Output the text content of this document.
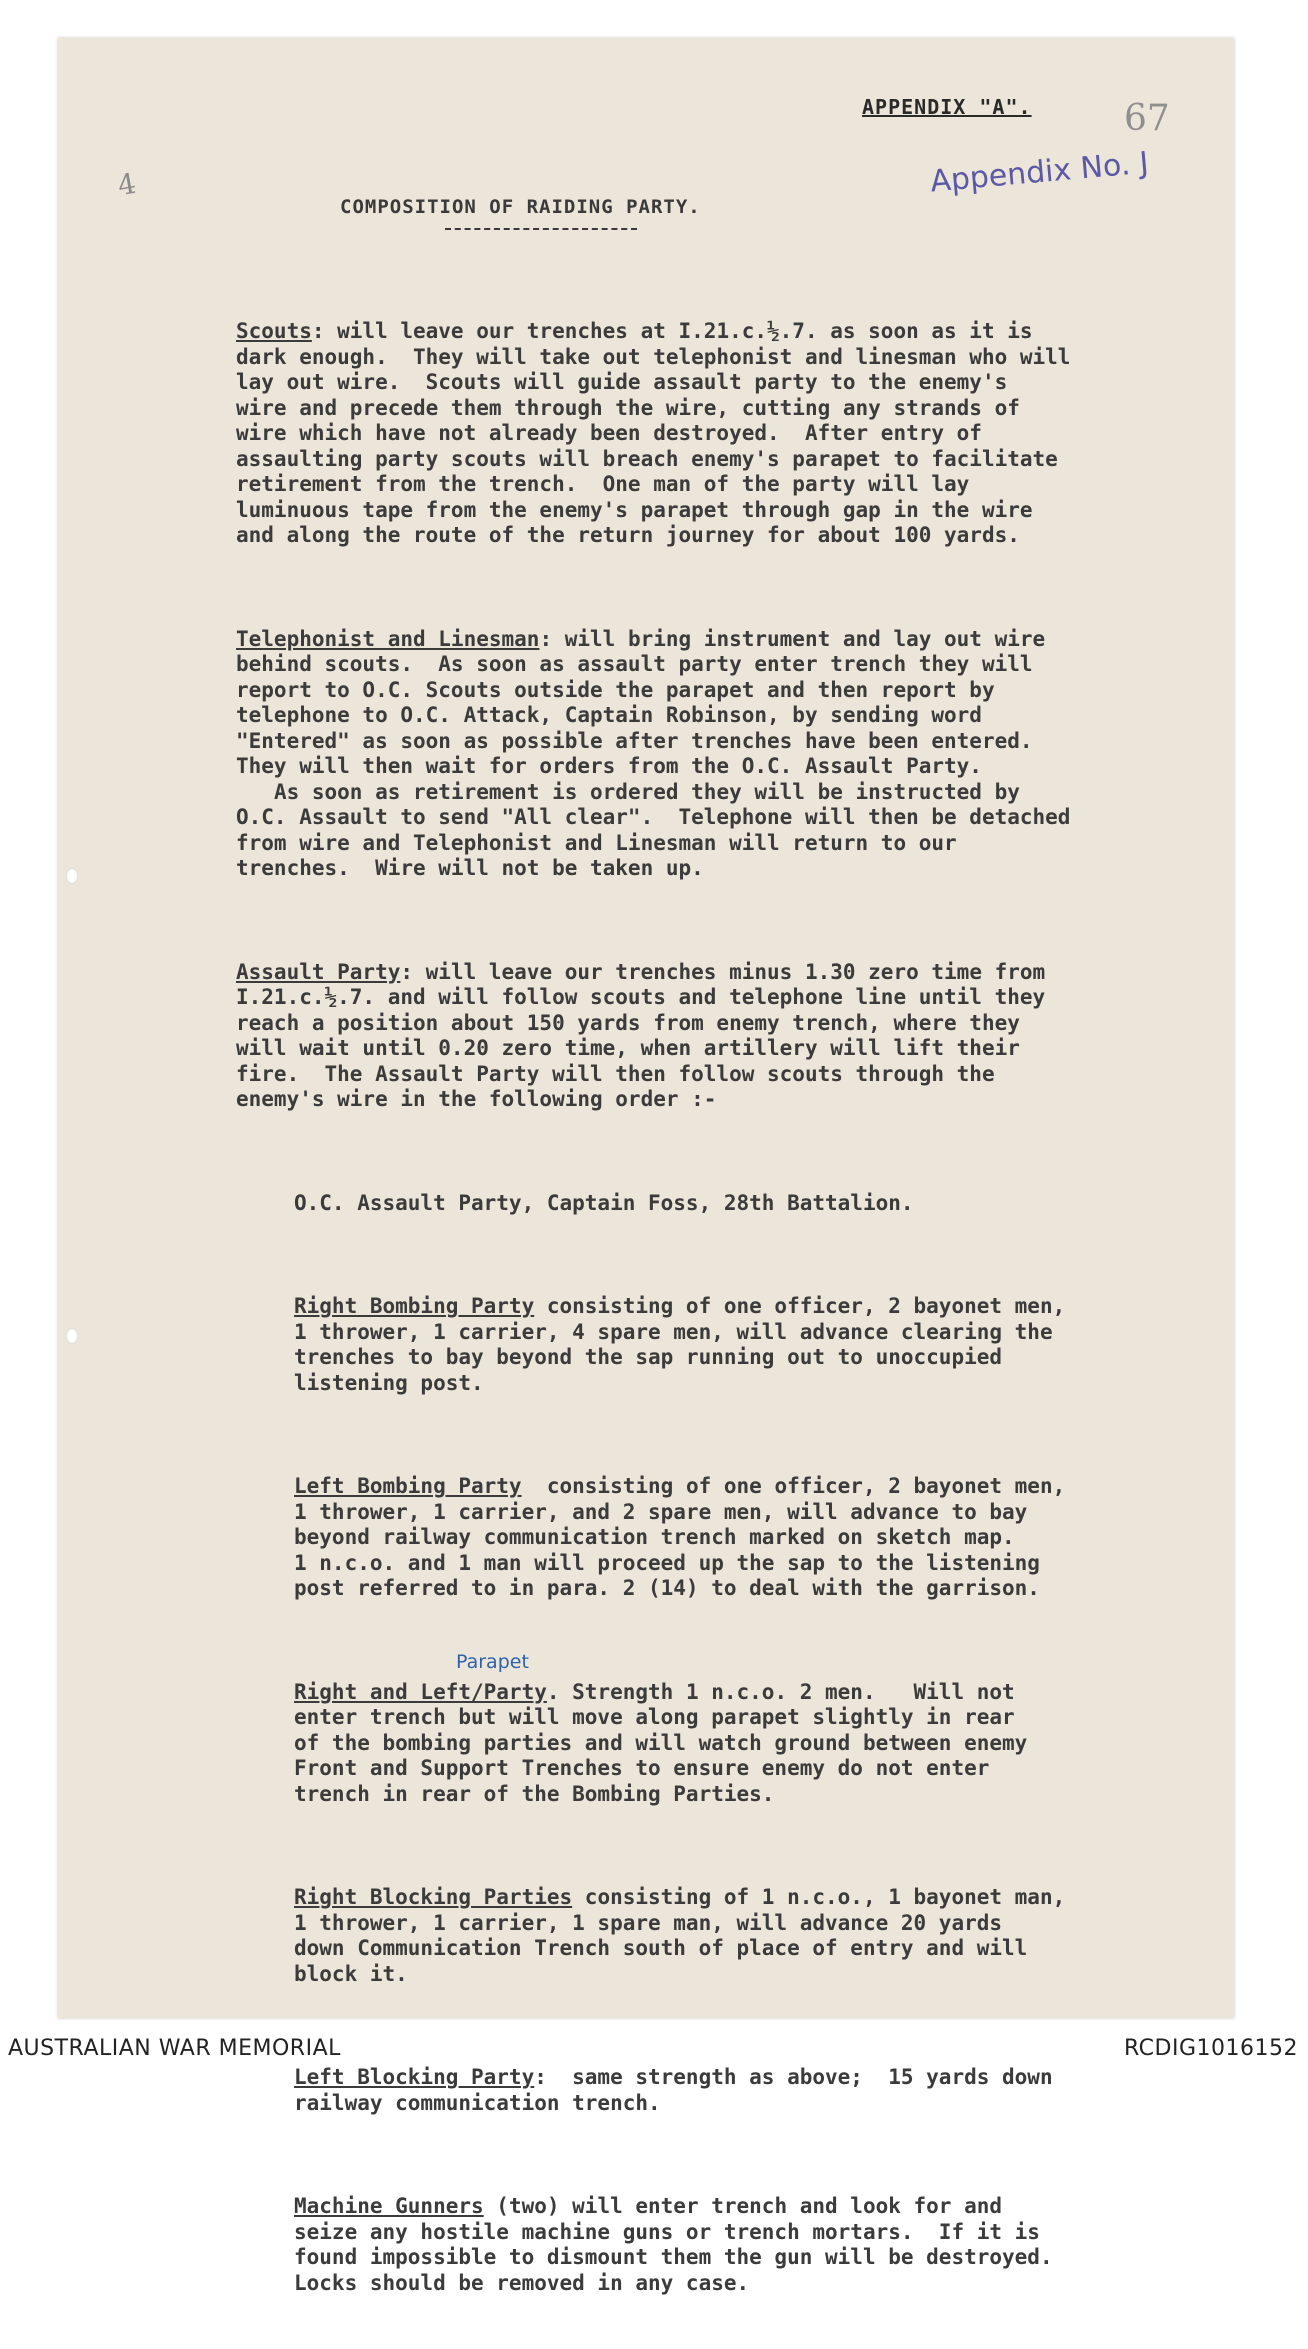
4
APPENDIX "A".	67
Appendix No. J
COMPOSITION OF RAIDING PARTY.

Scouts: will leave our trenches at I.21.c.½.7. as soon as it is
dark enough.  They will take out telephonist and linesman who will
lay out wire.  Scouts will guide assault party to the enemy's
wire and precede them through the wire, cutting any strands of
wire which have not already been destroyed.  After entry of
assaulting party scouts will breach enemy's parapet to facilitate
retirement from the trench.  One man of the party will lay
luminuous tape from the enemy's parapet through gap in the wire
and along the route of the return journey for about 100 yards.

Telephonist and Linesman: will bring instrument and lay out wire
behind scouts.  As soon as assault party enter trench they will
report to O.C. Scouts outside the parapet and then report by
telephone to O.C. Attack, Captain Robinson, by sending word
"Entered" as soon as possible after trenches have been entered.
They will then wait for orders from the O.C. Assault Party.
As soon as retirement is ordered they will be instructed by
O.C. Assault to send "All clear".  Telephone will then be detached
from wire and Telephonist and Linesman will return to our
trenches.  Wire will not be taken up.

Assault Party: will leave our trenches minus 1.30 zero time from
I.21.c.½.7. and will follow scouts and telephone line until they
reach a position about 150 yards from enemy trench, where they
will wait until 0.20 zero time, when artillery will lift their
fire.  The Assault Party will then follow scouts through the
enemy's wire in the following order :-

O.C. Assault Party, Captain Foss, 28th Battalion.

Right Bombing Party consisting of one officer, 2 bayonet men,
1 thrower, 1 carrier, 4 spare men, will advance clearing the
trenches to bay beyond the sap running out to unoccupied
listening post.

Left Bombing Party  consisting of one officer, 2 bayonet men,
1 thrower, 1 carrier, and 2 spare men, will advance to bay
beyond railway communication trench marked on sketch map.
1 n.c.o. and 1 man will proceed up the sap to the listening
post referred to in para. 2 (14) to deal with the garrison.

Parapet
Right and Left/Party. Strength 1 n.c.o. 2 men.   Will not
enter trench but will move along parapet slightly in rear
of the bombing parties and will watch ground between enemy
Front and Support Trenches to ensure enemy do not enter
trench in rear of the Bombing Parties.

Right Blocking Parties consisting of 1 n.c.o., 1 bayonet man,
1 thrower, 1 carrier, 1 spare man, will advance 20 yards
down Communication Trench south of place of entry and will
block it.

Left Blocking Party:  same strength as above;  15 yards down
railway communication trench.

Machine Gunners (two) will enter trench and look for and
seize any hostile machine guns or trench mortars.  If it is
found impossible to dismount them the gun will be destroyed.
Locks should be removed in any case.

AUSTRALIAN WAR MEMORIAL	RCDIG1016152
